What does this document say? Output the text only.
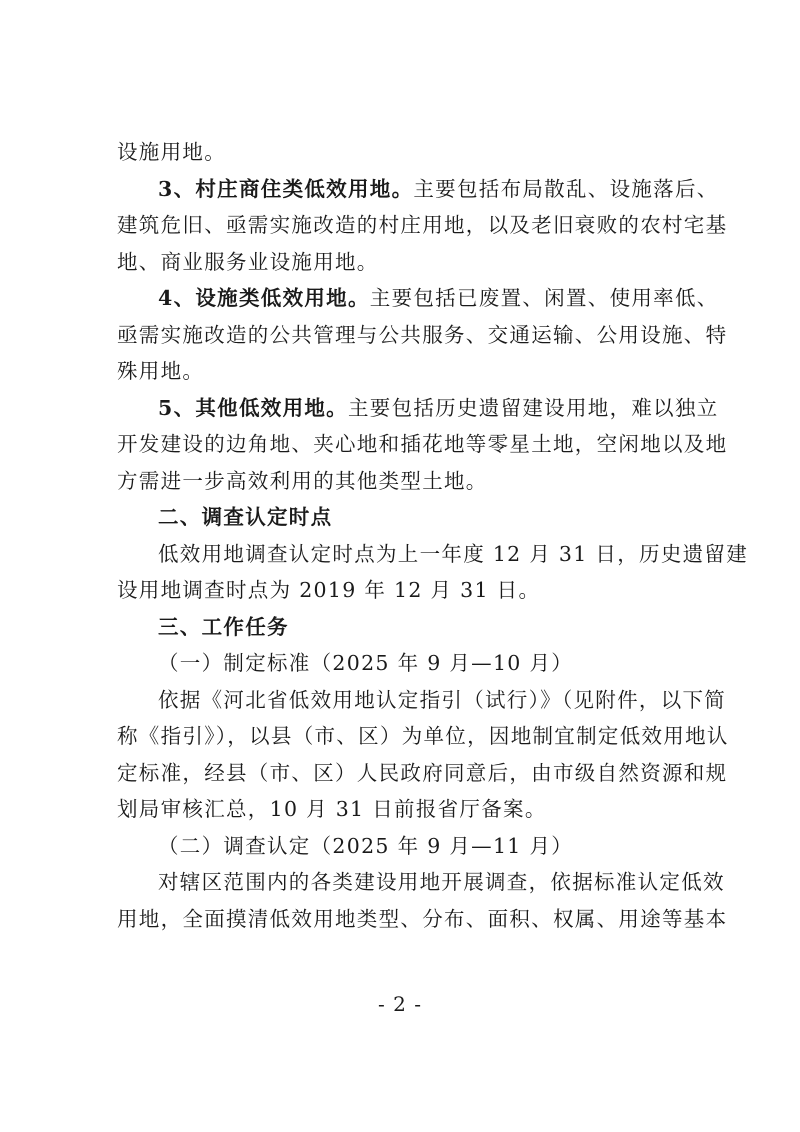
设施用地。
3、村庄商住类低效用地。主要包括布局散乱、设施落后、
建筑危旧、亟需实施改造的村庄用地，以及老旧衰败的农村宅基
地、商业服务业设施用地。
4、设施类低效用地。主要包括已废置、闲置、使用率低、
亟需实施改造的公共管理与公共服务、交通运输、公用设施、特
殊用地。
5、其他低效用地。主要包括历史遗留建设用地，难以独立
开发建设的边角地、夹心地和插花地等零星土地，空闲地以及地
方需进一步高效利用的其他类型土地。
二、调查认定时点
低效用地调查认定时点为上一年度 12 月 31 日，历史遗留建
设用地调查时点为 2019 年 12 月 31 日。
三、工作任务
（一）制定标准（2025 年 9 月—10 月）
依据《河北省低效用地认定指引（试行）》（见附件，以下简
称《指引》），以县（市、区）为单位，因地制宜制定低效用地认
定标准，经县（市、区）人民政府同意后，由市级自然资源和规
划局审核汇总，10 月 31 日前报省厅备案。
（二）调查认定（2025 年 9 月—11 月）
对辖区范围内的各类建设用地开展调查，依据标准认定低效
用地，全面摸清低效用地类型、分布、面积、权属、用途等基本
- 2 -
